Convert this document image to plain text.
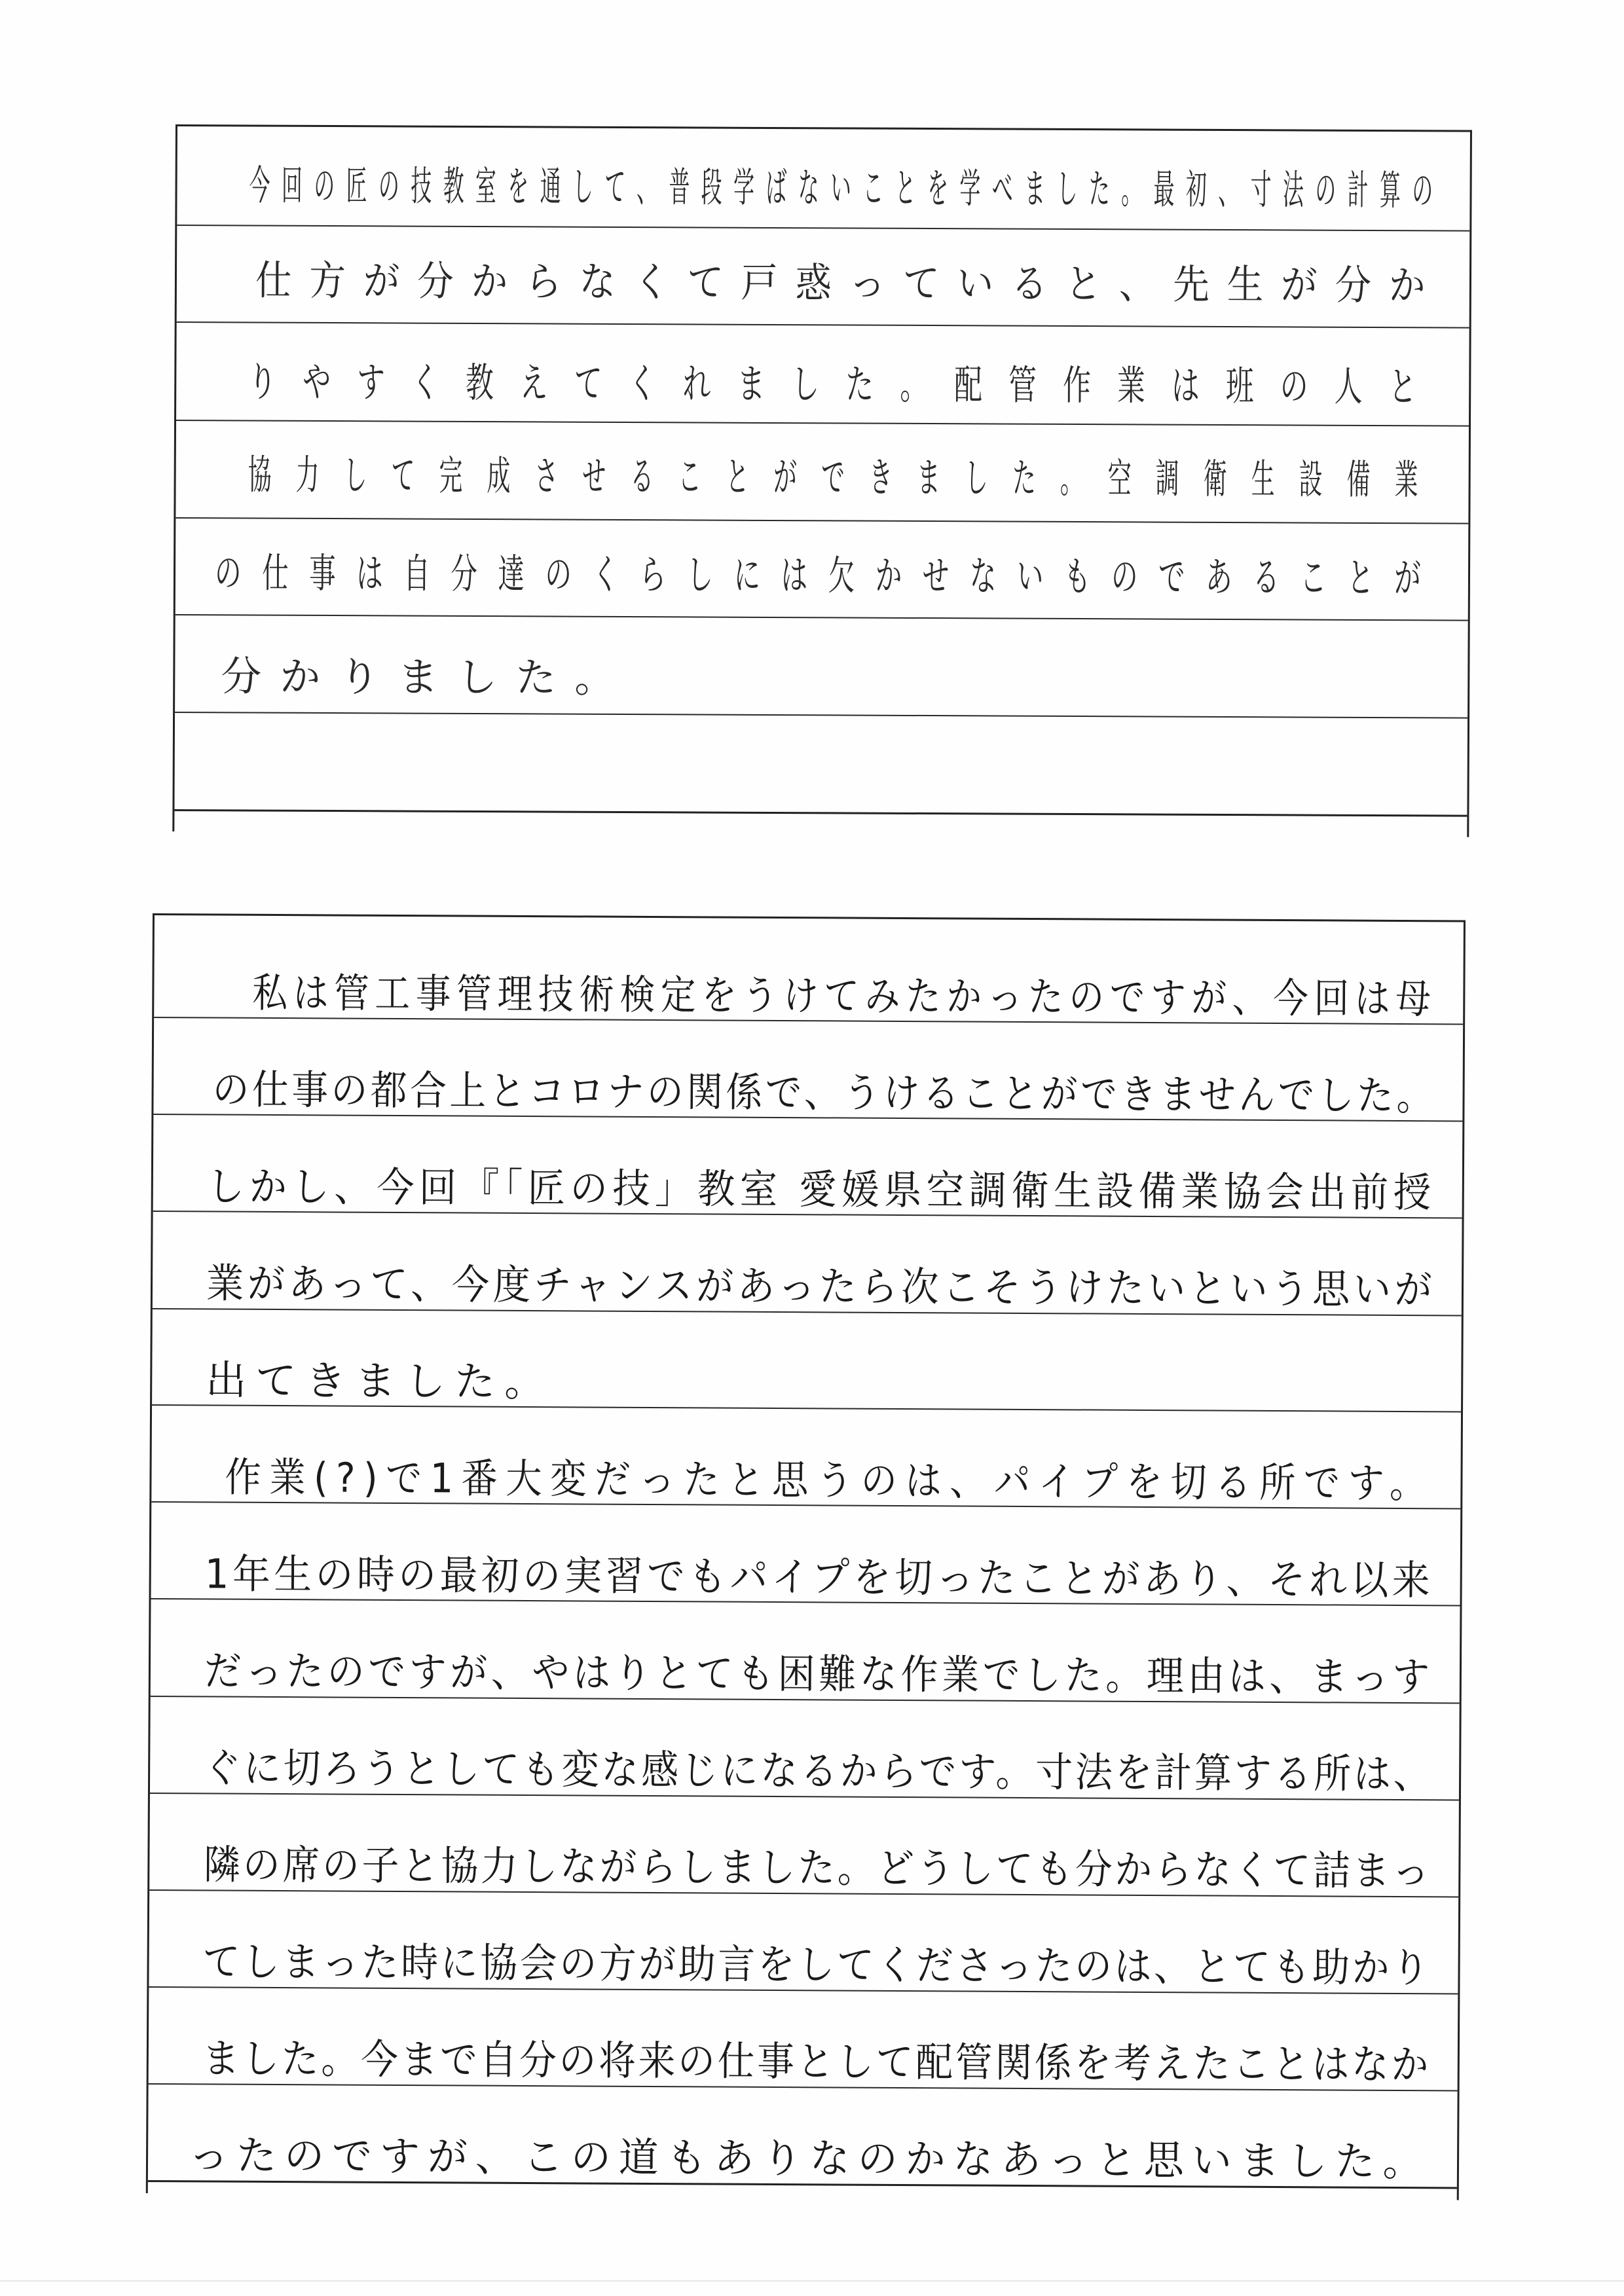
今回の匠の技教室を通して、普段学ばないことを学べました。最初、寸法の計算の
仕方が分からなくて戸惑っていると、先生が分か
りやすく教えてくれました。配管作業は班の人と
協力して完成させることができました。空調衛生設備業
の仕事は自分達のくらしには欠かせないものであることが
分かりました。
私は管工事管理技術検定をうけてみたかったのですが、今回は母
の仕事の都合上とコロナの関係で、うけることができませんでした。
しかし、今回『「匠の技」教室 愛媛県空調衛生設備業協会出前授
業があって、今度チャンスがあったら次こそうけたいという思いが
出てきました。
作業(?)で1番大変だったと思うのは、パイプを切る所です。
1年生の時の最初の実習でもパイプを切ったことがあり、それ以来
だったのですが、やはりとても困難な作業でした。理由は、まっす
ぐに切ろうとしても変な感じになるからです。寸法を計算する所は、
隣の席の子と協力しながらしました。どうしても分からなくて詰まっ
てしまった時に協会の方が助言をしてくださったのは、とても助かり
ました。今まで自分の将来の仕事として配管関係を考えたことはなか
ったのですが、この道もありなのかなあっと思いました。
